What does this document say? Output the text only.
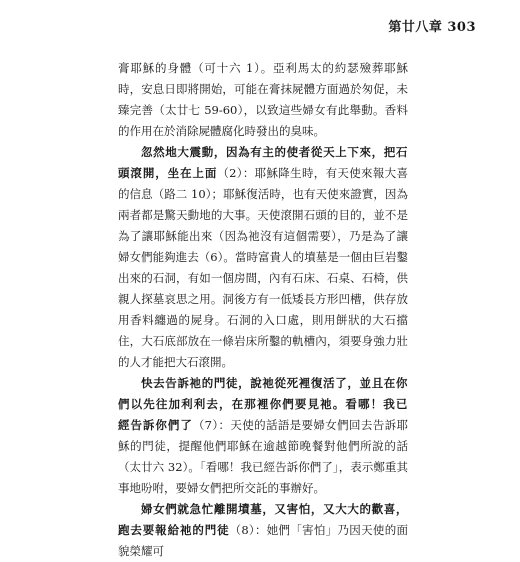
第廿八章 303

膏耶穌的身體（可十六 1）。亞利馬太的約瑟殮葬耶穌時，安息日即將開始，可能在膏抹屍體方面過於匆促，未臻完善（太廿七 59-60），以致這些婦女有此舉動。香料的作用在於消除屍體腐化時發出的臭味。

忽然地大震動，因為有主的使者從天上下來，把石頭滾開，坐在上面（2）：耶穌降生時，有天使來報大喜的信息（路二 10）；耶穌復活時，也有天使來證實，因為兩者都是驚天動地的大事。天使滾開石頭的目的，並不是為了讓耶穌能出來（因為祂沒有這個需要），乃是為了讓婦女們能夠進去（6）。當時富貴人的墳墓是一個由巨岩鑿出來的石洞，有如一個房間，內有石床、石桌、石椅，供親人探墓哀思之用。洞後方有一低矮長方形凹槽，供存放用香料纏過的屍身。石洞的入口處，則用餅狀的大石擋住，大石底部放在一條岩床所鑿的軌槽內，須要身強力壯的人才能把大石滾開。

快去告訴祂的門徒，說祂從死裡復活了，並且在你們以先往加利利去，在那裡你們要見祂。看哪！我已經告訴你們了（7）：天使的話語是要婦女們回去告訴耶穌的門徒，提醒他們耶穌在逾越節晚餐對他們所說的話（太廿六 32）。「看哪！我已經告訴你們了」，表示鄭重其事地吩咐，要婦女們把所交託的事辦好。

婦女們就急忙離開墳墓，又害怕，又大大的歡喜，跑去要報給祂的門徒（8）：她們「害怕」乃因天使的面貌榮耀可
